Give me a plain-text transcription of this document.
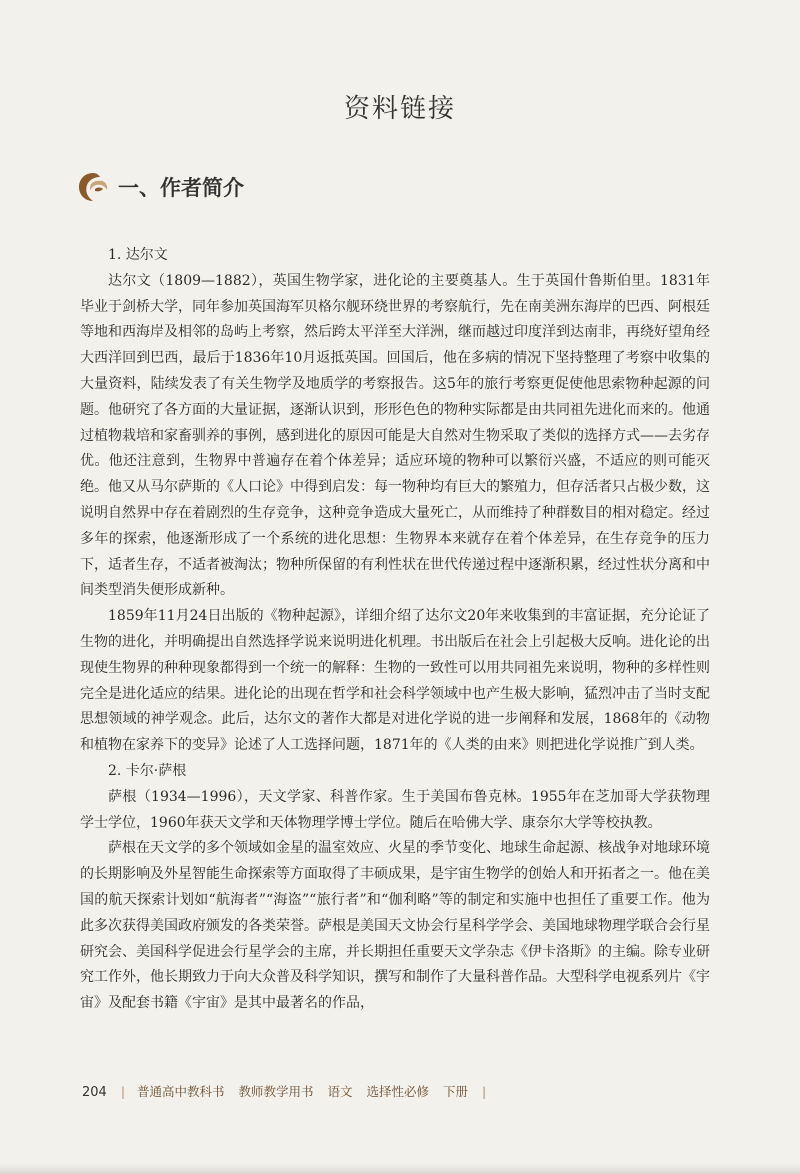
资料链接
一、作者简介

1. 达尔文

达尔文（1809—1882），英国生物学家，进化论的主要奠基人。生于英国什鲁斯伯里。1831年毕业于剑桥大学，同年参加英国海军贝格尔舰环绕世界的考察航行，先在南美洲东海岸的巴西、阿根廷等地和西海岸及相邻的岛屿上考察，然后跨太平洋至大洋洲，继而越过印度洋到达南非，再绕好望角经大西洋回到巴西，最后于1836年10月返抵英国。回国后，他在多病的情况下坚持整理了考察中收集的大量资料，陆续发表了有关生物学及地质学的考察报告。这5年的旅行考察更促使他思索物种起源的问题。他研究了各方面的大量证据，逐渐认识到，形形色色的物种实际都是由共同祖先进化而来的。他通过植物栽培和家畜驯养的事例，感到进化的原因可能是大自然对生物采取了类似的选择方式——去劣存优。他还注意到，生物界中普遍存在着个体差异；适应环境的物种可以繁衍兴盛，不适应的则可能灭绝。他又从马尔萨斯的《人口论》中得到启发：每一物种均有巨大的繁殖力，但存活者只占极少数，这说明自然界中存在着剧烈的生存竞争，这种竞争造成大量死亡，从而维持了种群数目的相对稳定。经过多年的探索，他逐渐形成了一个系统的进化思想：生物界本来就存在着个体差异，在生存竞争的压力下，适者生存，不适者被淘汰；物种所保留的有利性状在世代传递过程中逐渐积累，经过性状分离和中间类型消失便形成新种。

1859年11月24日出版的《物种起源》，详细介绍了达尔文20年来收集到的丰富证据，充分论证了生物的进化，并明确提出自然选择学说来说明进化机理。书出版后在社会上引起极大反响。进化论的出现使生物界的种种现象都得到一个统一的解释：生物的一致性可以用共同祖先来说明，物种的多样性则完全是进化适应的结果。进化论的出现在哲学和社会科学领域中也产生极大影响，猛烈冲击了当时支配思想领域的神学观念。此后，达尔文的著作大都是对进化学说的进一步阐释和发展，1868年的《动物和植物在家养下的变异》论述了人工选择问题，1871年的《人类的由来》则把进化学说推广到人类。

2. 卡尔·萨根

萨根（1934—1996），天文学家、科普作家。生于美国布鲁克林。1955年在芝加哥大学获物理学士学位，1960年获天文学和天体物理学博士学位。随后在哈佛大学、康奈尔大学等校执教。

萨根在天文学的多个领域如金星的温室效应、火星的季节变化、地球生命起源、核战争对地球环境的长期影响及外星智能生命探索等方面取得了丰硕成果，是宇宙生物学的创始人和开拓者之一。他在美国的航天探索计划如“航海者”“海盗”“旅行者”和“伽利略”等的制定和实施中也担任了重要工作。他为此多次获得美国政府颁发的各类荣誉。萨根是美国天文协会行星科学学会、美国地球物理学联合会行星研究会、美国科学促进会行星学会的主席，并长期担任重要天文学杂志《伊卡洛斯》的主编。除专业研究工作外，他长期致力于向大众普及科学知识，撰写和制作了大量科普作品。大型科学电视系列片《宇宙》及配套书籍《宇宙》是其中最著名的作品，

204 | 普通高中教科书 教师教学用书 语文 选择性必修 下册 |
